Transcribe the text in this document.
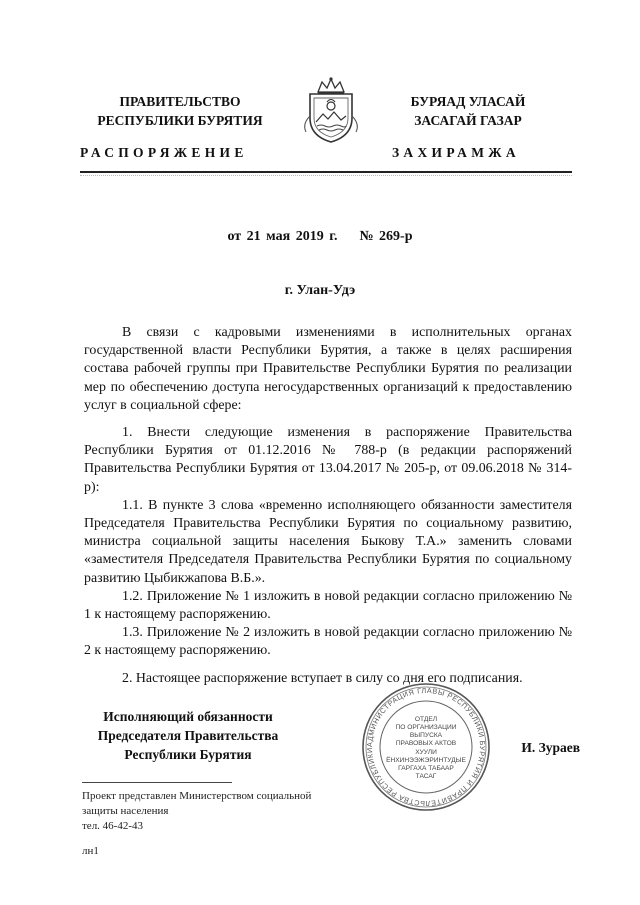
ПРАВИТЕЛЬСТВО
РЕСПУБЛИКИ БУРЯТИЯ
БУРЯАД УЛАСАЙ
ЗАСАГАЙ ГАЗАР
РАСПОРЯЖЕНИЕ	ЗАХИРАМЖА
от 21 мая 2019 г. № 269-р
г. Улан-Удэ

В связи с кадровыми изменениями в исполнительных органах государственной власти Республики Бурятия, а также в целях расширения состава рабочей группы при Правительстве Республики Бурятия по реализации мер по обеспечению доступа негосударственных организаций к предоставлению услуг в социальной сфере:

1. Внести следующие изменения в распоряжение Правительства Республики Бурятия от 01.12.2016 № 788-р (в редакции распоряжений Правительства Республики Бурятия от 13.04.2017 № 205-р, от 09.06.2018 № 314-р):

1.1. В пункте 3 слова «временно исполняющего обязанности заместителя Председателя Правительства Республики Бурятия по социальному развитию, министра социальной защиты населения Быкову Т.А.» заменить словами «заместителя Председателя Правительства Республики Бурятия по социальному развитию Цыбикжапова В.Б.».

1.2. Приложение № 1 изложить в новой редакции согласно приложению № 1 к настоящему распоряжению.

1.3. Приложение № 2 изложить в новой редакции согласно приложению № 2 к настоящему распоряжению.

2. Настоящее распоряжение вступает в силу со дня его подписания.

Исполняющий обязанности
Председателя Правительства
Республики Бурятия
АДМИНИСТРАЦИЯ ГЛАВЫ РЕСПУБЛИКИ БУРЯТИЯ И ПРАВИТЕЛЬСТВА РЕСПУБЛИКИ
ОТДЕЛ
ПО ОРГАНИЗАЦИИ
ВЫПУСКА
ПРАВОВЫХ АКТОВ
ХУУЛИ
ЁНХИНЭЭЖЭРИНТУДЫЕ
ГАРГАХА ТАБААР
ТАСАГ
И. Зураев
Проект представлен Министерством социальной
защиты населения
тел. 46-42-43
лн1
